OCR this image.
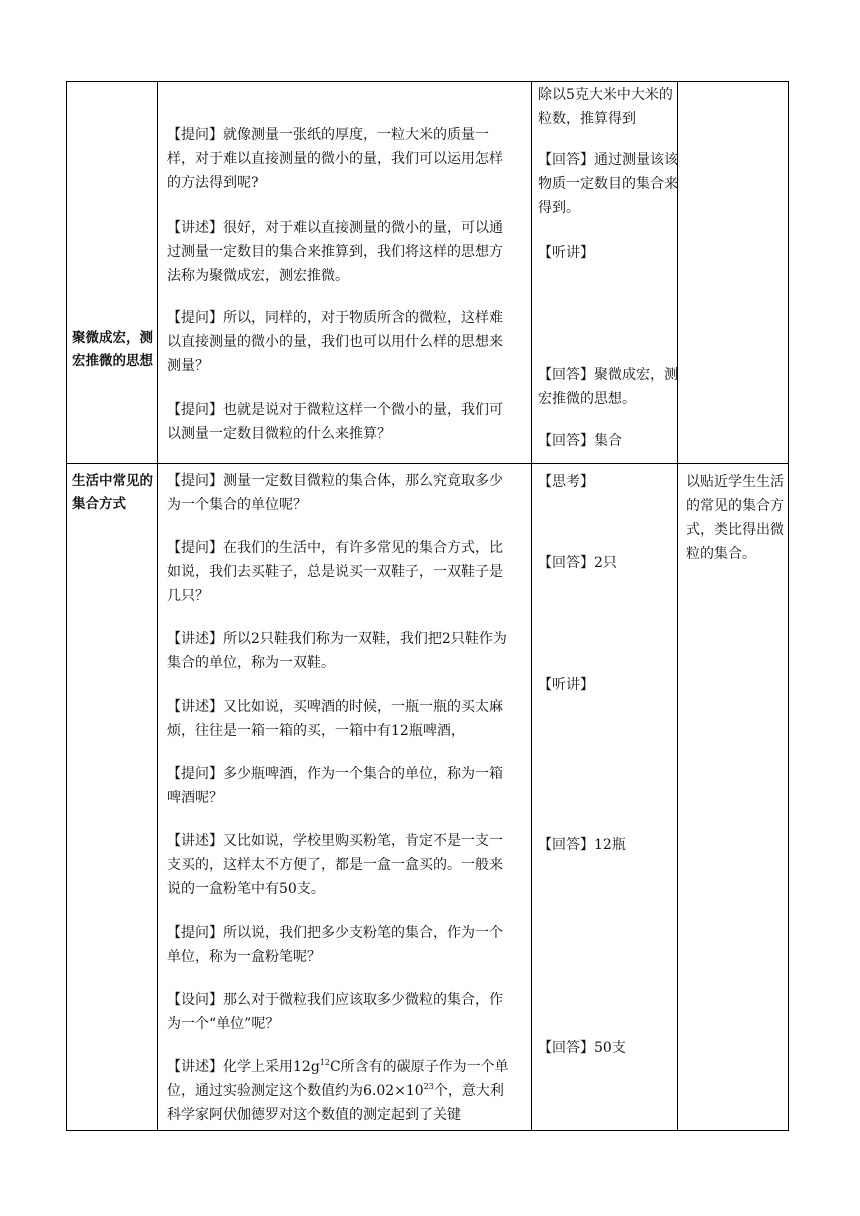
聚微成宏，测宏推微的思想

【提问】就像测量一张纸的厚度，一粒大米的质量一样，对于难以直接测量的微小的量，我们可以运用怎样的方法得到呢?

【讲述】很好，对于难以直接测量的微小的量，可以通过测量一定数目的集合来推算到，我们将这样的思想方法称为聚微成宏，测宏推微。

【提问】所以，同样的，对于物质所含的微粒，这样难以直接测量的微小的量，我们也可以用什么样的思想来测量？

【提问】也就是说对于微粒这样一个微小的量，我们可以测量一定数目微粒的什么来推算？

除以5克大米中大米的粒数，推算得到

【回答】通过测量该该物质一定数目的集合来得到。

【听讲】

【回答】聚微成宏，测宏推微的思想。

【回答】集合

生活中常见的集合方式

【提问】测量一定数目微粒的集合体，那么究竟取多少为一个集合的单位呢？

【提问】在我们的生活中，有许多常见的集合方式，比如说，我们去买鞋子，总是说买一双鞋子，一双鞋子是几只？

【讲述】所以2只鞋我们称为一双鞋，我们把2只鞋作为集合的单位，称为一双鞋。

【讲述】又比如说，买啤酒的时候，一瓶一瓶的买太麻烦，往往是一箱一箱的买，一箱中有12瓶啤酒，

【提问】多少瓶啤酒，作为一个集合的单位，称为一箱啤酒呢？

【讲述】又比如说，学校里购买粉笔，肯定不是一支一支买的，这样太不方便了，都是一盒一盒买的。一般来说的一盒粉笔中有50支。

【提问】所以说，我们把多少支粉笔的集合，作为一个单位，称为一盒粉笔呢？

【设问】那么对于微粒我们应该取多少微粒的集合，作为一个“单位”呢？

【讲述】化学上采用$12g^{12}C$所含有的碳原子作为一个单位，通过实验测定这个数值约为$6.02\times 10^{23}$个，意大利科学家阿伏伽德罗对这个数值的测定起到了关键

【思考】

【回答】2只

【听讲】

【回答】12瓶

【回答】50支

以贴近学生生活的常见的集合方式，类比得出微粒的集合。
